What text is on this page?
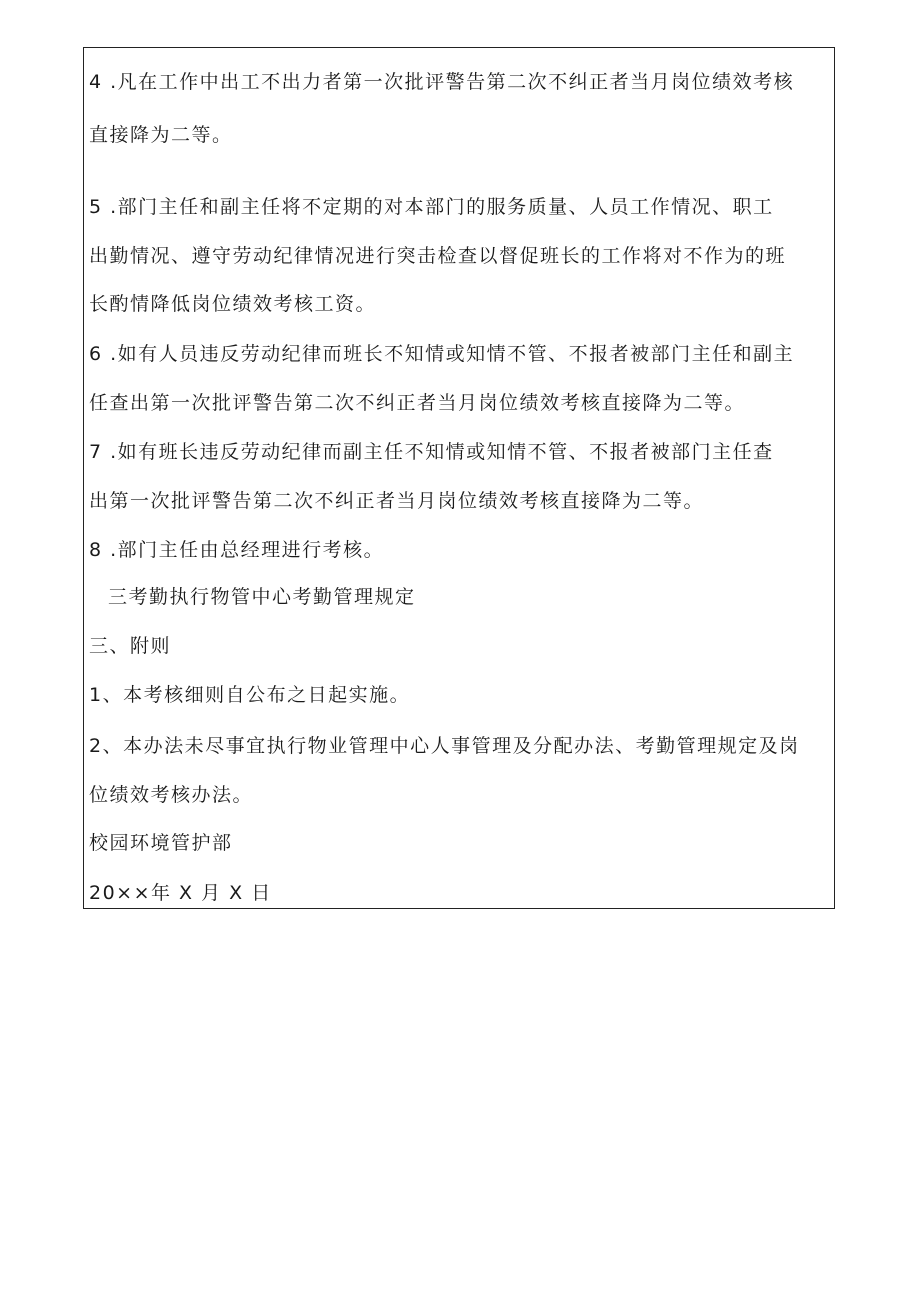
4 .凡在工作中出工不出力者第一次批评警告第二次不纠正者当月岗位绩效考核

直接降为二等。

5 .部门主任和副主任将不定期的对本部门的服务质量、人员工作情况、职工

出勤情况、遵守劳动纪律情况进行突击检查以督促班长的工作将对不作为的班

长酌情降低岗位绩效考核工资。

6 .如有人员违反劳动纪律而班长不知情或知情不管、不报者被部门主任和副主

任查出第一次批评警告第二次不纠正者当月岗位绩效考核直接降为二等。

7 .如有班长违反劳动纪律而副主任不知情或知情不管、不报者被部门主任查

出第一次批评警告第二次不纠正者当月岗位绩效考核直接降为二等。

8 .部门主任由总经理进行考核。

三考勤执行物管中心考勤管理规定

三、附则

1、本考核细则自公布之日起实施。

2、本办法未尽事宜执行物业管理中心人事管理及分配办法、考勤管理规定及岗

位绩效考核办法。

校园环境管护部

20××年 X 月 X 日
